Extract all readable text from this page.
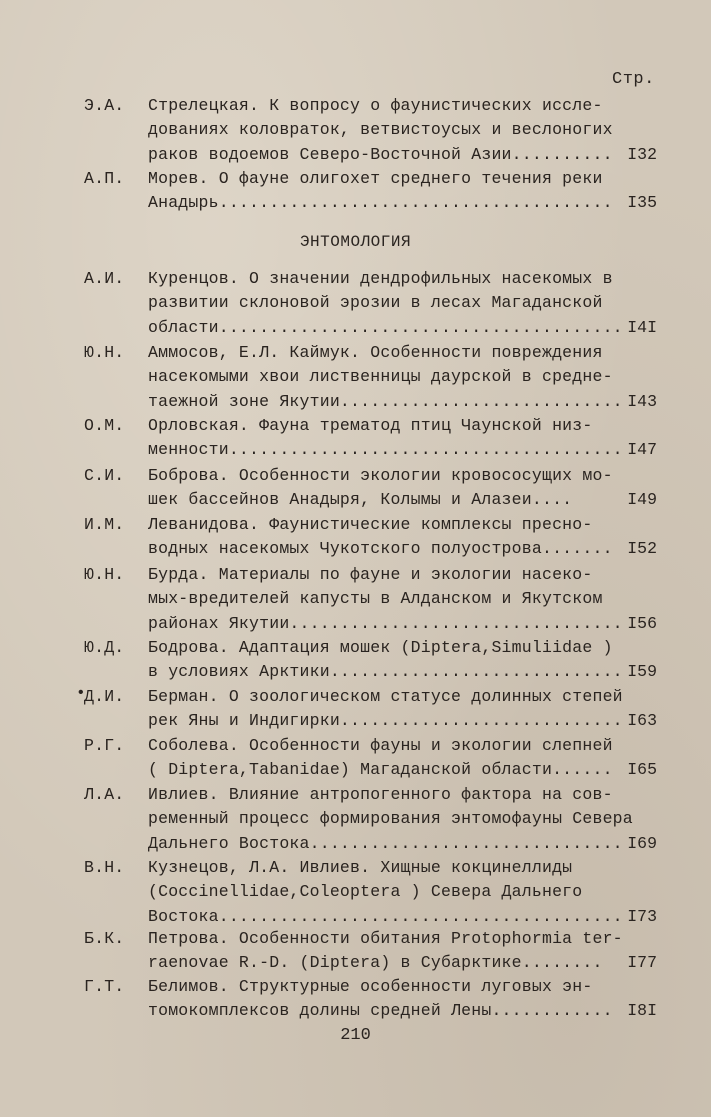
Стр.
ЭНТОМОЛОГИЯ
•
Э.А. Стрелецкая. К вопросу о фаунистических иссле-
дованиях коловраток, ветвистоусых и веслоногих
раков водоемов Северо-Восточной Азии.......... I32
А.П. Морев. О фауне олигохет среднего течения реки
Анадырь....................................... I35
А.И. Куренцов. О значении дендрофильных насекомых в
развитии склоновой эрозии в лесах Магаданской
области........................................ I4I
Ю.Н. Аммосов, Е.Л. Каймук. Особенности повреждения
насекомыми хвои лиственницы даурской в средне-
таежной зоне Якутии............................ I43
О.М. Орловская. Фауна трематод птиц Чаунской низ-
менности....................................... I47
С.И. Боброва. Особенности экологии кровососущих мо-
шек бассейнов Анадыря, Колымы и Алазеи....	I49
И.М. Леванидова. Фаунистические комплексы пресно-
водных насекомых Чукотского полуострова....... I52
Ю.Н. Бурда. Материалы по фауне и экологии насеко-
мых-вредителей капусты в Алданском и Якутском
районах Якутии................................. I56
Ю.Д. Бодрова. Адаптация мошек (Diptera,Simuliidae )
в условиях Арктики............................. I59
Д.И. Берман. О зоологическом статусе долинных степей
рек Яны и Индигирки............................ I63
Р.Г. Соболева. Особенности фауны и экологии слепней
( Diptera,Tabanidae) Магаданской области...... I65
Л.А. Ивлиев. Влияние антропогенного фактора на сов-
ременный процесс формирования энтомофауны Севера
Дальнего Востока............................... I69
В.Н. Кузнецов, Л.А. Ивлиев. Хищные кокцинеллиды
(Coccinellidae,Coleoptera ) Севера Дальнего
Востока........................................ I73
Б.К. Петрова. Особенности обитания Protophormia ter-
raenovae R.-D. (Diptera) в Субарктике........ I77
Г.Т. Белимов. Структурные особенности луговых эн-
томокомплексов долины средней Лены............ I8I
210
